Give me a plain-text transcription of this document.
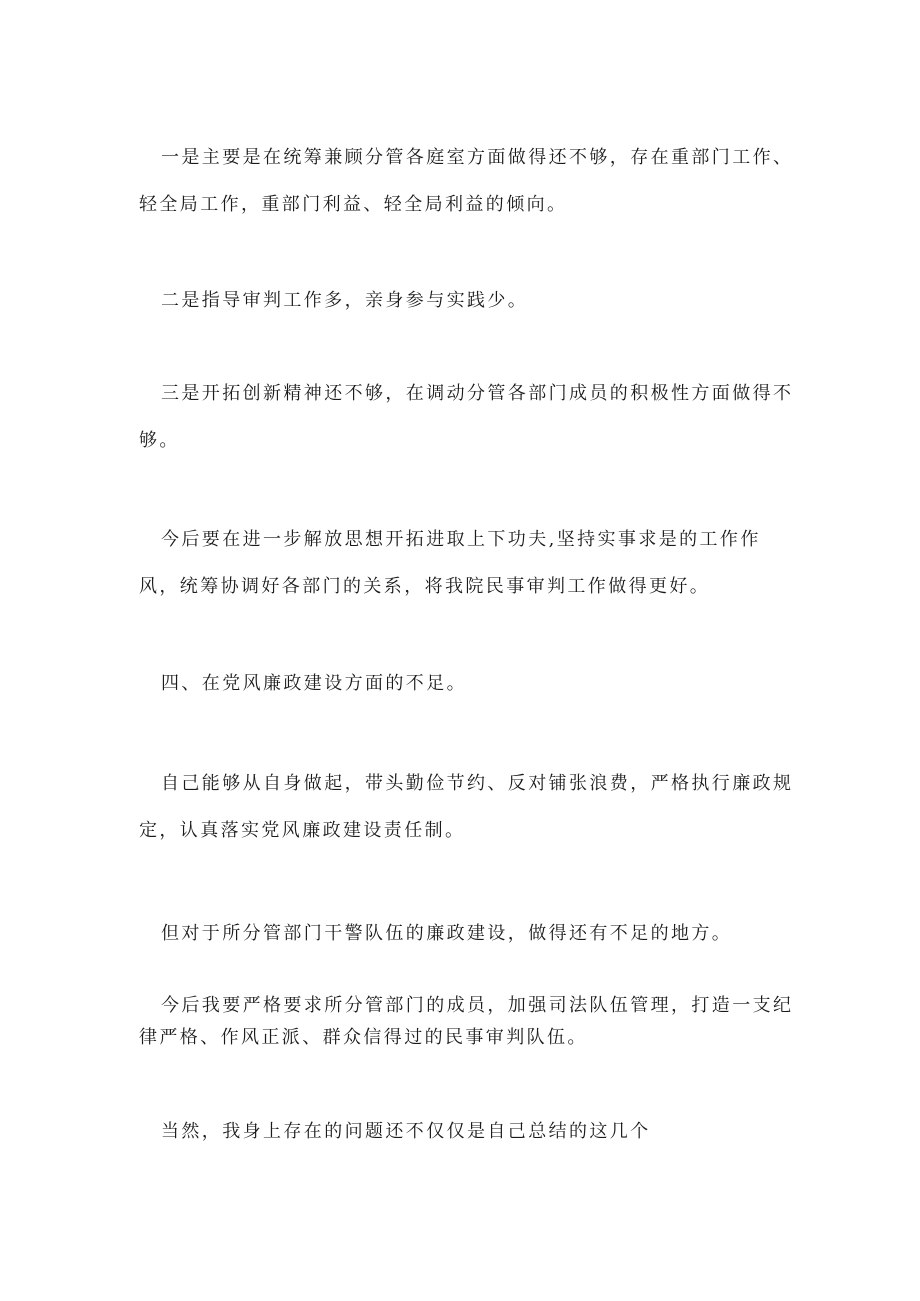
一是主要是在统筹兼顾分管各庭室方面做得还不够，存在重部门工作、轻全局工作，重部门利益、轻全局利益的倾向。

二是指导审判工作多，亲身参与实践少。

三是开拓创新精神还不够，在调动分管各部门成员的积极性方面做得不够。

今后要在进一步解放思想开拓进取上下功夫,坚持实事求是的工作作风，统筹协调好各部门的关系，将我院民事审判工作做得更好。

四、在党风廉政建设方面的不足。

自己能够从自身做起，带头勤俭节约、反对铺张浪费，严格执行廉政规定，认真落实党风廉政建设责任制。

但对于所分管部门干警队伍的廉政建设，做得还有不足的地方。

今后我要严格要求所分管部门的成员，加强司法队伍管理，打造一支纪律严格、作风正派、群众信得过的民事审判队伍。

当然，我身上存在的问题还不仅仅是自己总结的这几个
